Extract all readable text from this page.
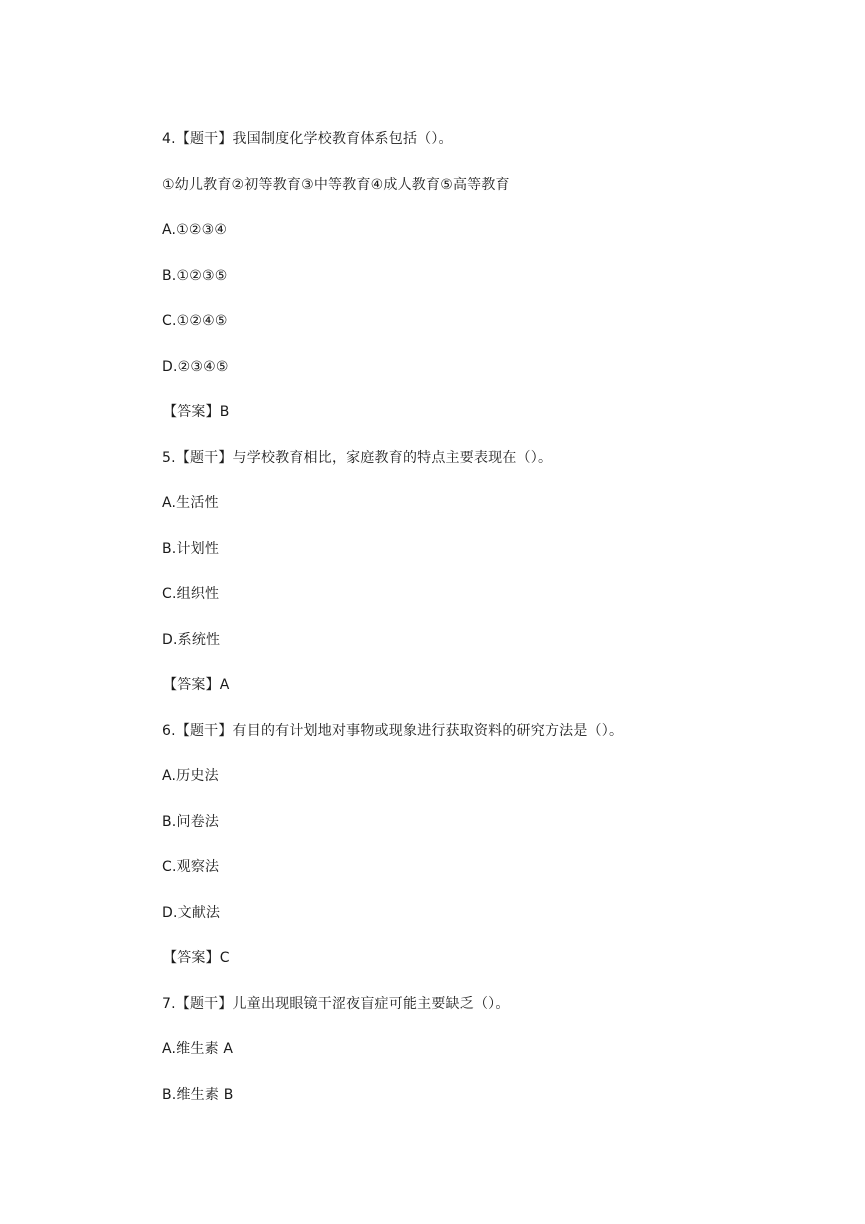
4.【题干】我国制度化学校教育体系包括（）。
①幼儿教育②初等教育③中等教育④成人教育⑤高等教育
A.①②③④
B.①②③⑤
C.①②④⑤
D.②③④⑤
【答案】B
5.【题干】与学校教育相比，家庭教育的特点主要表现在（）。
A.生活性
B.计划性
C.组织性
D.系统性
【答案】A
6.【题干】有目的有计划地对事物或现象进行获取资料的研究方法是（）。
A.历史法
B.问卷法
C.观察法
D.文献法
【答案】C
7.【题干】儿童出现眼镜干涩夜盲症可能主要缺乏（）。
A.维生素 A
B.维生素 B
